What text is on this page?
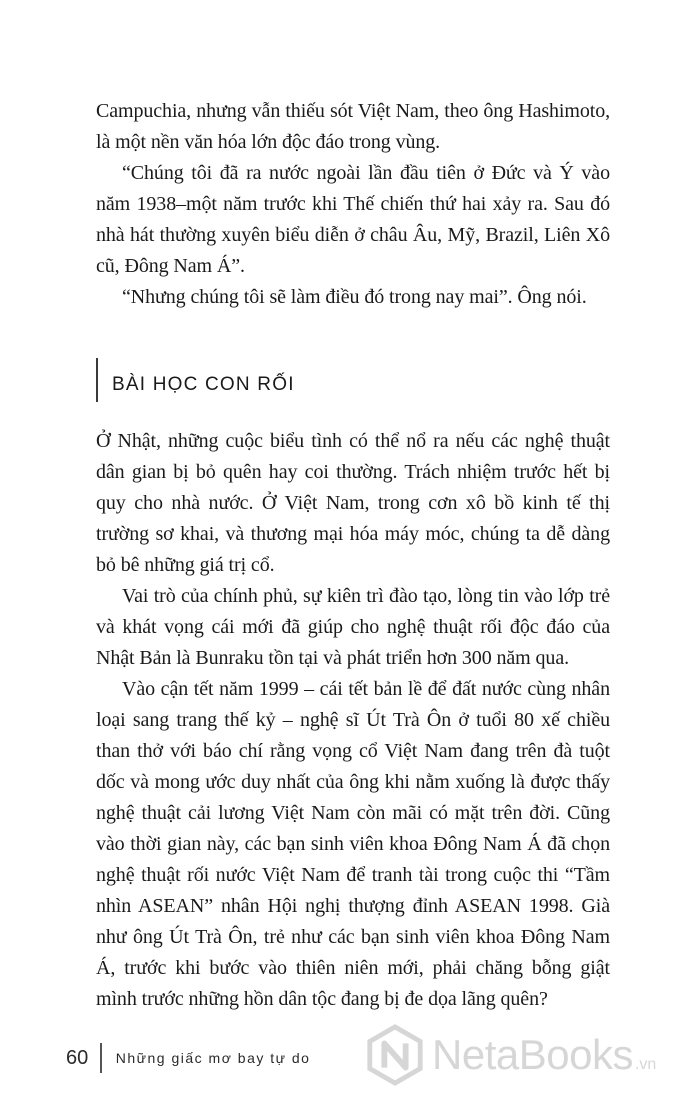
Campuchia, nhưng vẫn thiếu sót Việt Nam, theo ông Hashimoto, là một nền văn hóa lớn độc đáo trong vùng.

“Chúng tôi đã ra nước ngoài lần đầu tiên ở Đức và Ý vào năm 1938–một năm trước khi Thế chiến thứ hai xảy ra. Sau đó nhà hát thường xuyên biểu diễn ở châu Âu, Mỹ, Brazil, Liên Xô cũ, Đông Nam Á”.

“Nhưng chúng tôi sẽ làm điều đó trong nay mai”. Ông nói.

BÀI HỌC CON RỐI

Ở Nhật, những cuộc biểu tình có thể nổ ra nếu các nghệ thuật dân gian bị bỏ quên hay coi thường. Trách nhiệm trước hết bị quy cho nhà nước. Ở Việt Nam, trong cơn xô bồ kinh tế thị trường sơ khai, và thương mại hóa máy móc, chúng ta dễ dàng bỏ bê những giá trị cổ.

Vai trò của chính phủ, sự kiên trì đào tạo, lòng tin vào lớp trẻ và khát vọng cái mới đã giúp cho nghệ thuật rối độc đáo của Nhật Bản là Bunraku tồn tại và phát triển hơn 300 năm qua.

Vào cận tết năm 1999 – cái tết bản lề để đất nước cùng nhân loại sang trang thế kỷ – nghệ sĩ Út Trà Ôn ở tuổi 80 xế chiều than thở với báo chí rằng vọng cổ Việt Nam đang trên đà tuột dốc và mong ước duy nhất của ông khi nằm xuống là được thấy nghệ thuật cải lương Việt Nam còn mãi có mặt trên đời. Cũng vào thời gian này, các bạn sinh viên khoa Đông Nam Á đã chọn nghệ thuật rối nước Việt Nam để tranh tài trong cuộc thi “Tầm nhìn ASEAN” nhân Hội nghị thượng đỉnh ASEAN 1998. Già như ông Út Trà Ôn, trẻ như các bạn sinh viên khoa Đông Nam Á, trước khi bước vào thiên niên mới, phải chăng bỗng giật mình trước những hồn dân tộc đang bị đe dọa lãng quên?

60 Những giấc mơ bay tự do	NetaBooks .vn
